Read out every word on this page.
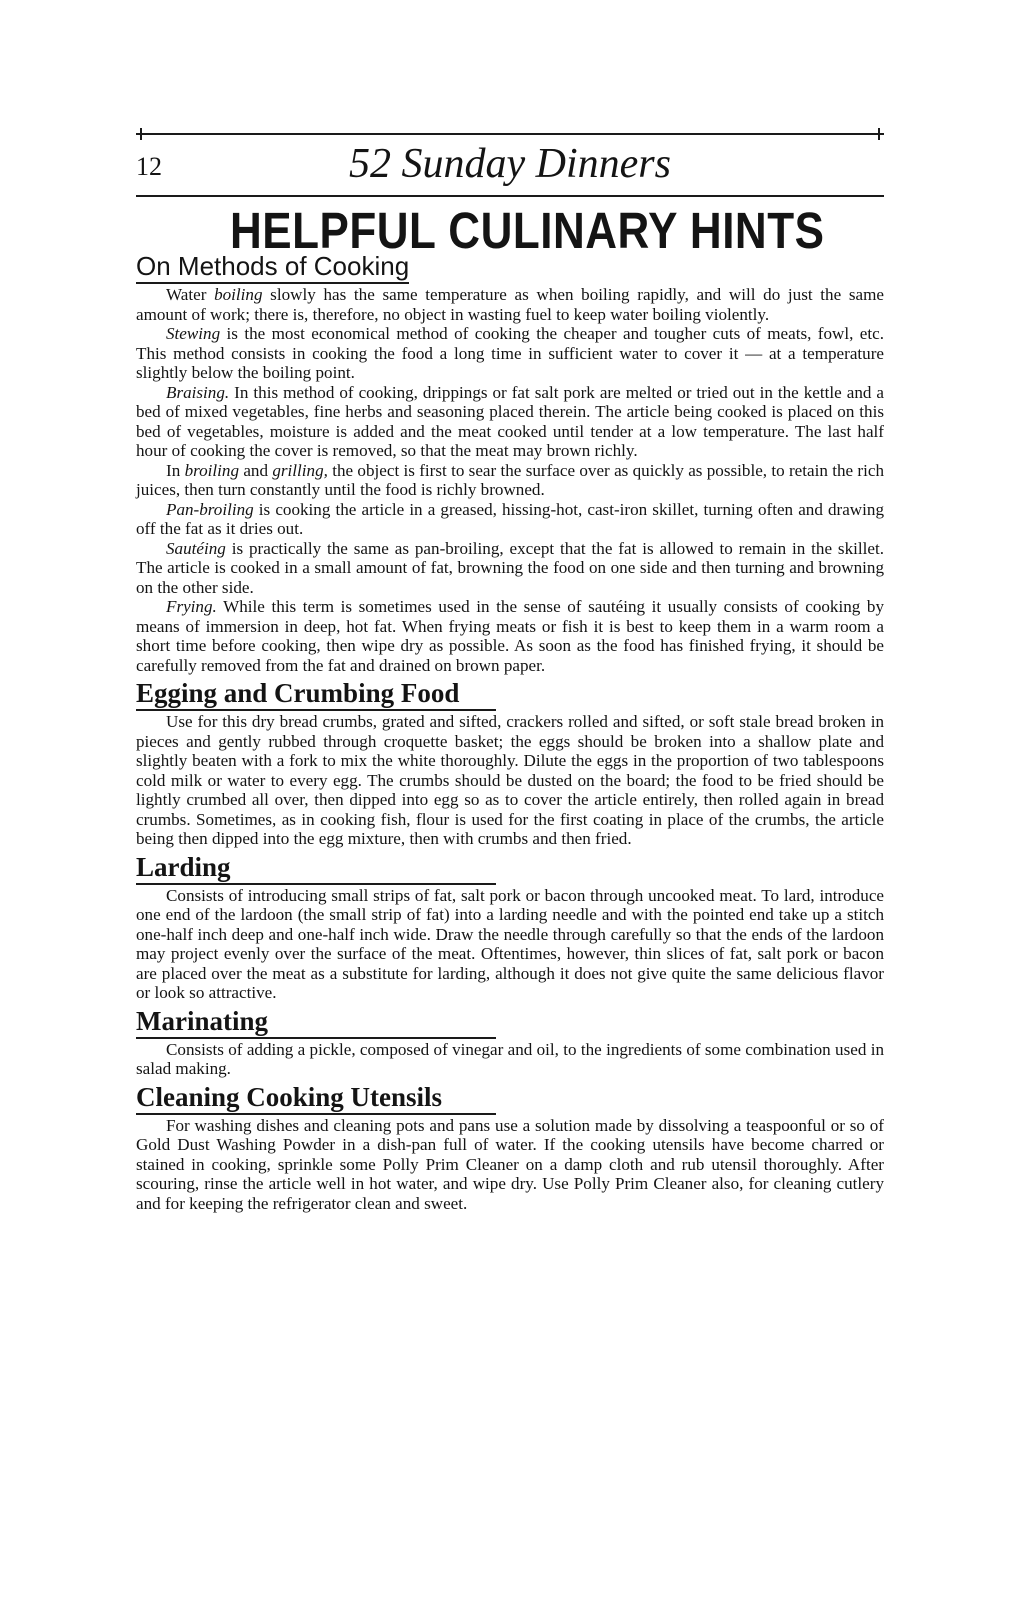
12	52 Sunday Dinners
HELPFUL CULINARY HINTS
On Methods of Cooking

Water boiling slowly has the same temperature as when boiling rapidly, and will do just the same amount of work; there is, therefore, no object in wasting fuel to keep water boiling violently.

Stewing is the most economical method of cooking the cheaper and tougher cuts of meats, fowl, etc. This method consists in cooking the food a long time in sufficient water to cover it — at a temperature slightly below the boiling point.

Braising. In this method of cooking, drippings or fat salt pork are melted or tried out in the kettle and a bed of mixed vegetables, fine herbs and seasoning placed therein. The article being cooked is placed on this bed of vegetables, moisture is added and the meat cooked until tender at a low temperature. The last half hour of cooking the cover is removed, so that the meat may brown richly.

In broiling and grilling, the object is first to sear the surface over as quickly as possible, to retain the rich juices, then turn constantly until the food is richly browned.

Pan-broiling is cooking the article in a greased, hissing-hot, cast-iron skillet, turning often and drawing off the fat as it dries out.

Sautéing is practically the same as pan-broiling, except that the fat is allowed to remain in the skillet. The article is cooked in a small amount of fat, browning the food on one side and then turning and browning on the other side.

Frying. While this term is sometimes used in the sense of sautéing it usually consists of cooking by means of immersion in deep, hot fat. When frying meats or fish it is best to keep them in a warm room a short time before cooking, then wipe dry as possible. As soon as the food has finished frying, it should be carefully removed from the fat and drained on brown paper.

Egging and Crumbing Food

Use for this dry bread crumbs, grated and sifted, crackers rolled and sifted, or soft stale bread broken in pieces and gently rubbed through croquette basket; the eggs should be broken into a shallow plate and slightly beaten with a fork to mix the white thoroughly. Dilute the eggs in the proportion of two tablespoons cold milk or water to every egg. The crumbs should be dusted on the board; the food to be fried should be lightly crumbed all over, then dipped into egg so as to cover the article entirely, then rolled again in bread crumbs. Sometimes, as in cooking fish, flour is used for the first coating in place of the crumbs, the article being then dipped into the egg mixture, then with crumbs and then fried.

Larding

Consists of introducing small strips of fat, salt pork or bacon through uncooked meat. To lard, introduce one end of the lardoon (the small strip of fat) into a larding needle and with the pointed end take up a stitch one-half inch deep and one-half inch wide. Draw the needle through carefully so that the ends of the lardoon may project evenly over the surface of the meat. Oftentimes, however, thin slices of fat, salt pork or bacon are placed over the meat as a substitute for larding, although it does not give quite the same delicious flavor or look so attractive.

Marinating

Consists of adding a pickle, composed of vinegar and oil, to the ingredients of some combination used in salad making.

Cleaning Cooking Utensils

For washing dishes and cleaning pots and pans use a solution made by dissolving a teaspoonful or so of Gold Dust Washing Powder in a dish-pan full of water. If the cooking utensils have become charred or stained in cooking, sprinkle some Polly Prim Cleaner on a damp cloth and rub utensil thoroughly. After scouring, rinse the article well in hot water, and wipe dry. Use Polly Prim Cleaner also, for cleaning cutlery and for keeping the refrigerator clean and sweet.
